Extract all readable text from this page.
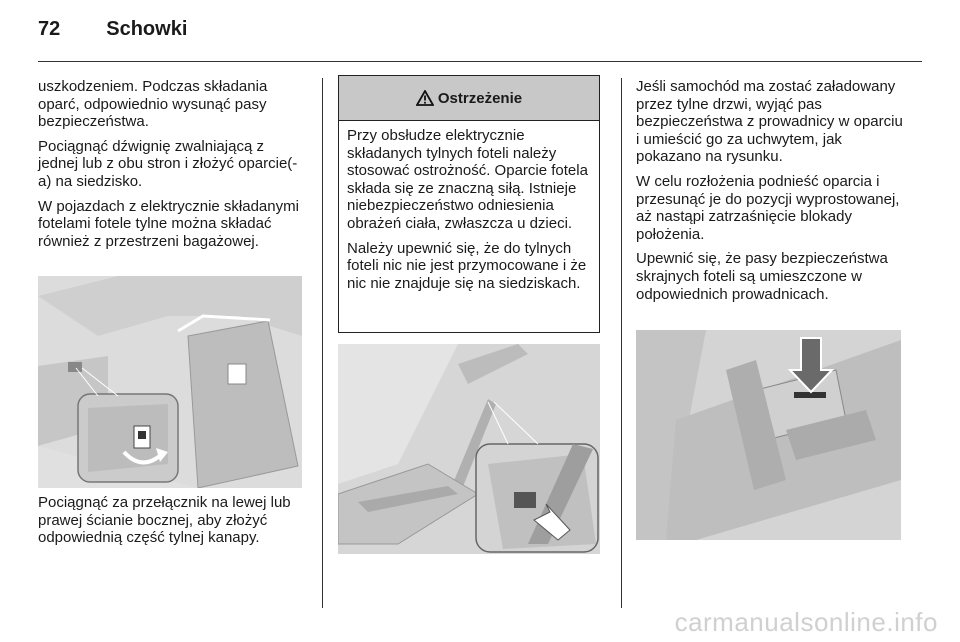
72 Schowki

uszkodzeniem. Podczas składania oparć, odpowiednio wysunąć pasy bezpieczeństwa.

Pociągnąć dźwignię zwalniającą z jednej lub z obu stron i złożyć oparcie(-a) na siedzisko.

W pojazdach z elektrycznie składanymi fotelami fotele tylne można składać również z przestrzeni bagażowej.

Pociągnąć za przełącznik na lewej lub prawej ścianie bocznej, aby złożyć odpowiednią część tylnej kanapy.

Ostrzeżenie

Przy obsłudze elektrycznie składanych tylnych foteli należy stosować ostrożność. Oparcie fotela składa się ze znaczną siłą. Istnieje niebezpieczeństwo odniesienia obrażeń ciała, zwłaszcza u dzieci.

Należy upewnić się, że do tylnych foteli nic nie jest przymocowane i że nic nie znajduje się na siedziskach.

Jeśli samochód ma zostać załadowany przez tylne drzwi, wyjąć pas bezpieczeństwa z prowadnicy w oparciu i umieścić go za uchwytem, jak pokazano na rysunku.

W celu rozłożenia podnieść oparcia i przesunąć je do pozycji wyprostowanej, aż nastąpi zatrzaśnięcie blokady położenia.

Upewnić się, że pasy bezpieczeństwa skrajnych foteli są umieszczone w odpowiednich prowadnicach.

carmanualsonline.info
